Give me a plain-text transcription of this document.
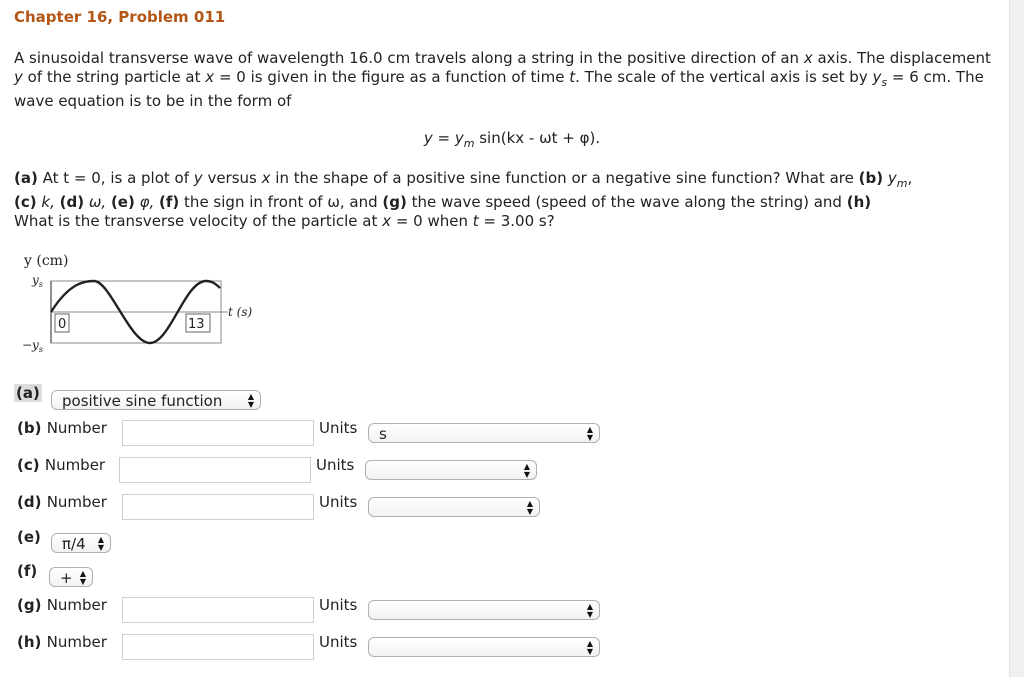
Chapter 16, Problem 011
A sinusoidal transverse wave of wavelength 16.0 cm travels along a string in the positive direction of an x axis. The displacement y of the string particle at x = 0 is given in the figure as a function of time t. The scale of the vertical axis is set by $y_s = 6$ cm. The wave equation is to be in the form of
$y = y_m$ sin(kx - ωt + φ).
(a) At t = 0, is a plot of y versus x in the shape of a positive sine function or a negative sine function? What are (b) $y_m$,
(c) k, (d) ω, (e) φ, (f) the sign in front of ω, and (g) the wave speed (speed of the wave along the string) and (h)
What is the transverse velocity of the particle at x = 0 when t = 3.00 s?
y (cm)
$y_s$
$-y_s$
t (s)
0	13
(a)	positive sine function	▲
▼
(b) Number	Units	s	▲
▼
(c) Number	Units	▲
▼
(d) Number	Units	▲
▼
(e)	π/4 ▲
▼
(f)	+ ▲
▼
(g) Number	Units	▲
▼
(h) Number	Units	▲
▼
